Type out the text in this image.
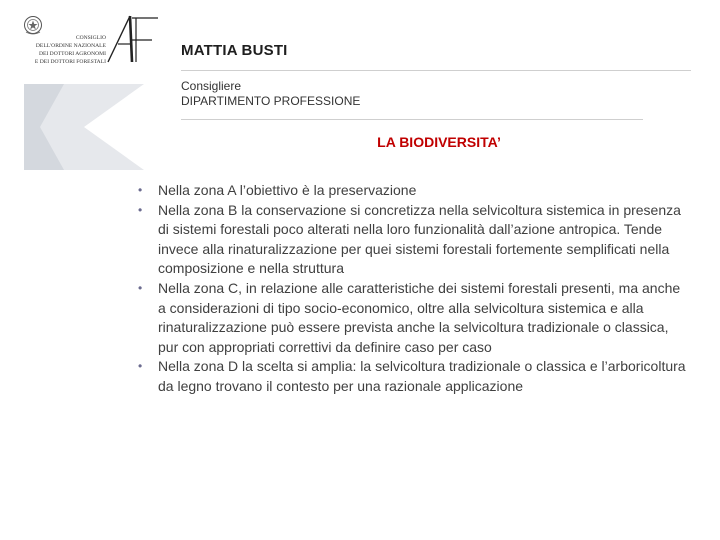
CONSIGLIO
DELL'ORDINE NAZIONALE
DEI DOTTORI AGRONOMI
E DEI DOTTORI FORESTALI
MATTIA BUSTI
Consigliere
DIPARTIMENTO PROFESSIONE
LA BIODIVERSITA’
• Nella zona A l’obiettivo è la preservazione
• Nella zona B la conservazione si concretizza nella selvicoltura sistemica in presenza di sistemi forestali poco alterati nella loro funzionalità dall’azione antropica. Tende invece alla rinaturalizzazione per quei sistemi forestali fortemente semplificati nella composizione e nella struttura
• Nella zona C, in relazione alle caratteristiche dei sistemi forestali presenti, ma anche a considerazioni di tipo socio-economico, oltre alla selvicoltura sistemica e alla rinaturalizzazione può essere prevista anche la selvicoltura tradizionale o classica, pur con appropriati correttivi da definire caso per caso
• Nella zona D la scelta si amplia: la selvicoltura tradizionale o classica e l’arboricoltura da legno trovano il contesto per una razionale applicazione
